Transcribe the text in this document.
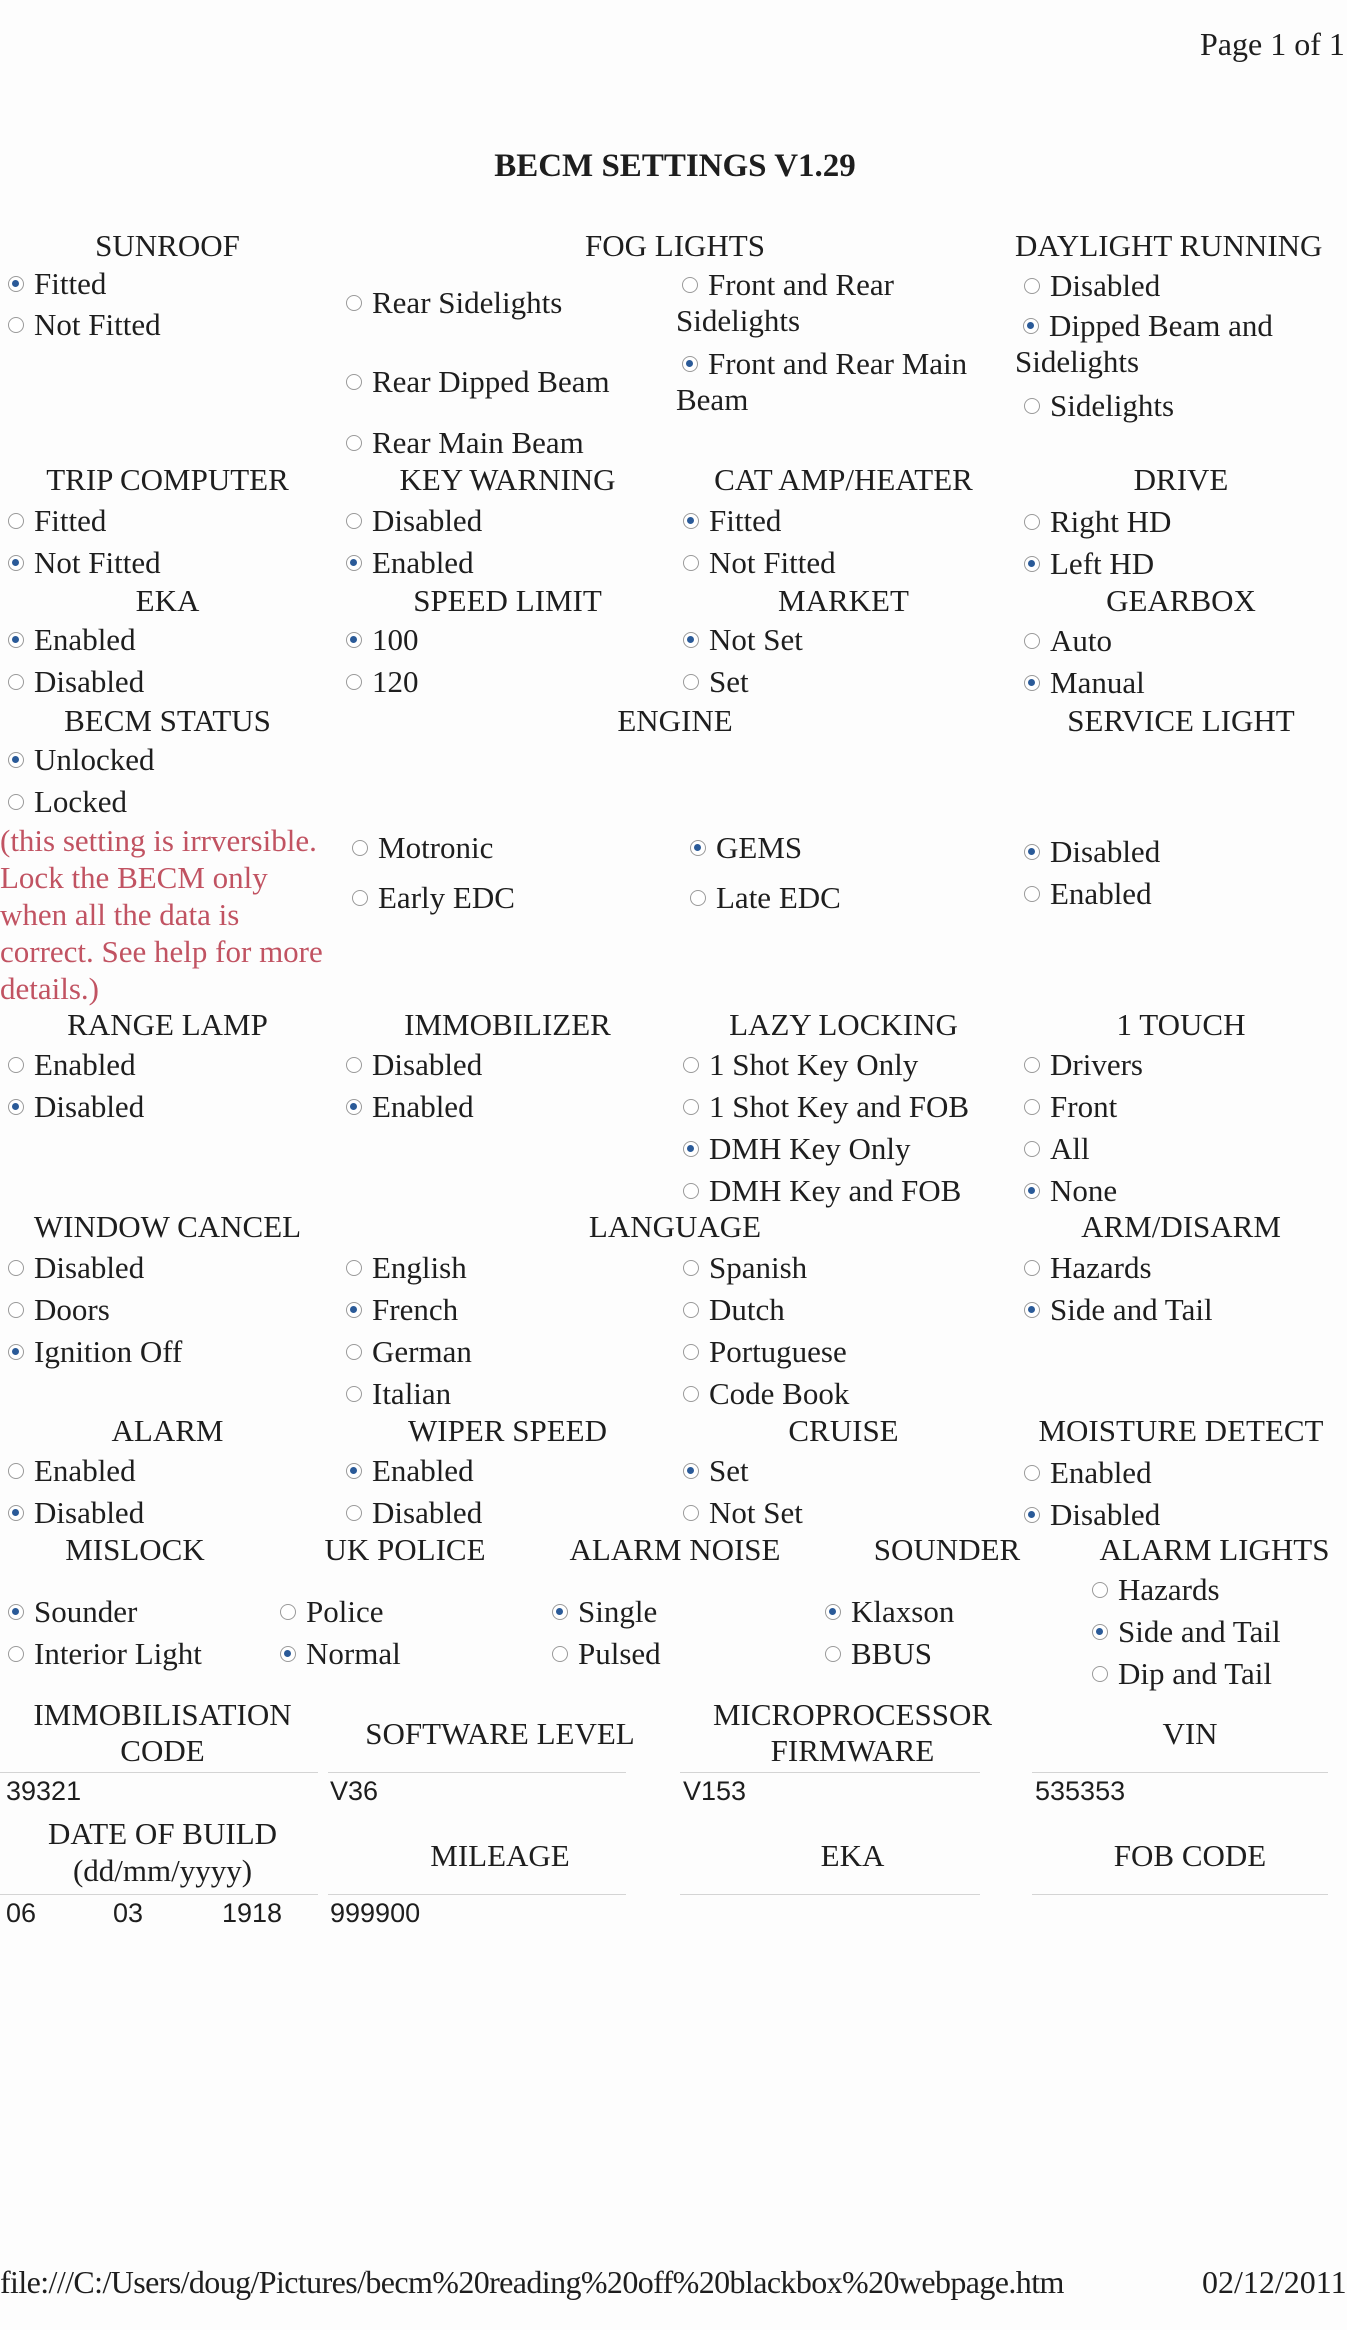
Page 1 of 1
BECM SETTINGS V1.29
SUNROOF
Fitted
Not Fitted
FOG LIGHTS
Rear Sidelights
Rear Dipped Beam
Rear Main Beam
Front and Rear Sidelights
Front and Rear Main Beam
DAYLIGHT RUNNING
Disabled
Dipped Beam and Sidelights
Sidelights
TRIP COMPUTER
Fitted
Not Fitted
KEY WARNING
Disabled
Enabled
CAT AMP/HEATER
Fitted
Not Fitted
DRIVE
Right HD
Left HD
EKA
Enabled
Disabled
SPEED LIMIT
100
120
MARKET
Not Set
Set
GEARBOX
Auto
Manual
BECM STATUS
Unlocked
Locked
(this setting is irrversible. Lock the BECM only when all the data is correct. See help for more details.)
ENGINE
Motronic
Early EDC
GEMS
Late EDC
SERVICE LIGHT
Disabled
Enabled
RANGE LAMP
Enabled
Disabled
IMMOBILIZER
Disabled
Enabled
LAZY LOCKING
1 Shot Key Only
1 Shot Key and FOB
DMH Key Only
DMH Key and FOB
1 TOUCH
Drivers
Front
All
None
WINDOW CANCEL
Disabled
Doors
Ignition Off
LANGUAGE
English
French
German
Italian
Spanish
Dutch
Portuguese
Code Book
ARM/DISARM
Hazards
Side and Tail
ALARM
Enabled
Disabled
WIPER SPEED
Enabled
Disabled
CRUISE
Set
Not Set
MOISTURE DETECT
Enabled
Disabled
MISLOCK
Sounder
Interior Light
UK POLICE
Police
Normal
ALARM NOISE
Single
Pulsed
SOUNDER
Klaxson
BBUS
ALARM LIGHTS
Hazards
Side and Tail
Dip and Tail
IMMOBILISATION CODE
39321
SOFTWARE LEVEL
V36
MICROPROCESSOR FIRMWARE
V153
VIN
535353
DATE OF BUILD
(dd/mm/yyyy)
06	03	1918
MILEAGE
999900
EKA	FOB CODE
file:///C:/Users/doug/Pictures/becm%20reading%20off%20blackbox%20webpage.htm	02/12/2011
